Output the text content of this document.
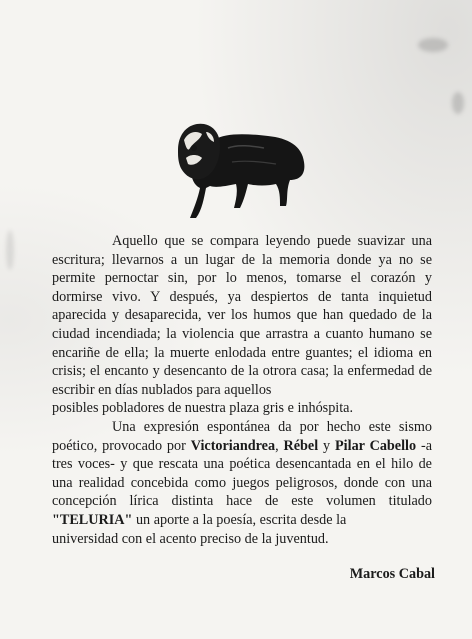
Aquello que se compara leyendo puede suavizar una escritura; llevarnos a un lugar de la memoria donde ya no se permite pernoctar sin, por lo menos, tomarse el corazón y dormirse vivo. Y después, ya despiertos de tanta inquietud aparecida y desaparecida, ver los humos que han quedado de la ciudad incendiada; la violencia que arrastra a cuanto humano se encariñe de ella; la muerte enlodada entre guantes; el idioma en crisis; el encanto y desencanto de la otrora casa; la enfermedad de escribir en días nublados para aquellos
posibles pobladores de nuestra plaza gris e inhóspita.

Una expresión espontánea da por hecho este sismo poético, provocado por Victoriandrea, Rébel y Pilar Cabello -a tres voces- y que rescata una poética desencantada en el hilo de una realidad concebida como juegos peligrosos, donde con una concepción lírica distinta hace de este volumen titulado "TELURIA" un aporte a la poesía, escrita desde la
universidad con el acento preciso de la juventud.

Marcos Cabal
